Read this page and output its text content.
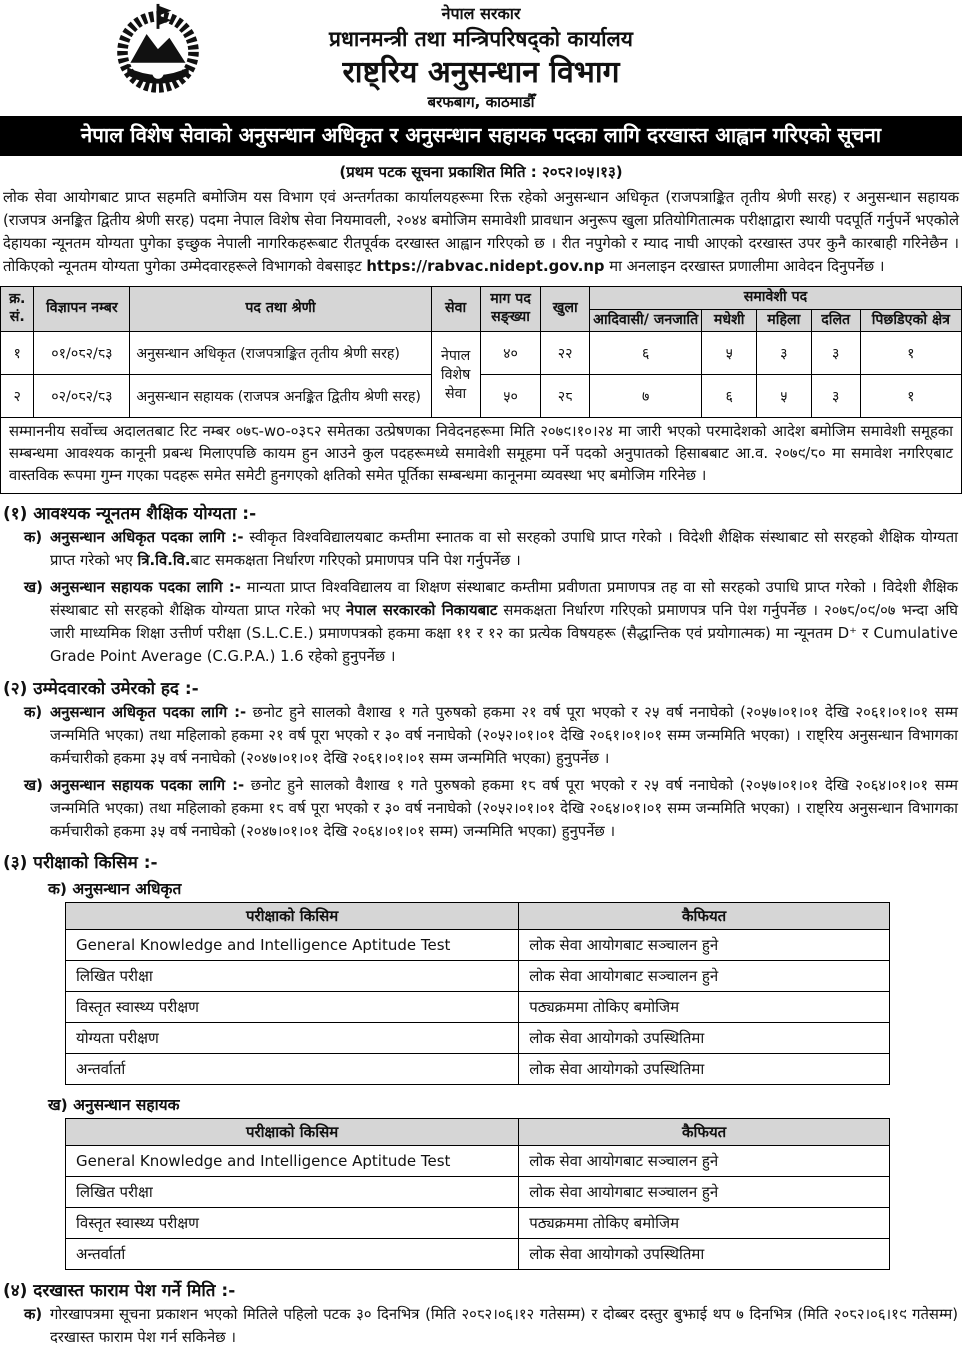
नेपाल सरकार
प्रधानमन्त्री तथा मन्त्रिपरिषद्को कार्यालय
राष्ट्रिय अनुसन्धान विभाग
बरफबाग, काठमाडौँ
नेपाल विशेष सेवाको अनुसन्धान अधिकृत र अनुसन्धान सहायक पदका लागि दरखास्त आह्वान गरिएको सूचना
(प्रथम पटक सूचना प्रकाशित मिति : २०८२।०५।१३)

लोक सेवा आयोगबाट प्राप्त सहमति बमोजिम यस विभाग एवं अन्तर्गतका कार्यालयहरूमा रिक्त रहेको अनुसन्धान अधिकृत (राजपत्राङ्कित तृतीय श्रेणी सरह) र अनुसन्धान सहायक (राजपत्र अनङ्कित द्वितीय श्रेणी सरह) पदमा नेपाल विशेष सेवा नियमावली, २०४४ बमोजिम समावेशी प्रावधान अनुरूप खुला प्रतियोगितात्मक परीक्षाद्वारा स्थायी पदपूर्ति गर्नुपर्ने भएकोले देहायका न्यूनतम योग्यता पुगेका इच्छुक नेपाली नागरिकहरूबाट रीतपूर्वक दरखास्त आह्वान गरिएको छ । रीत नपुगेको र म्याद नाघी आएको दरखास्त उपर कुनै कारबाही गरिनेछैन । तोकिएको न्यूनतम योग्यता पुगेका उम्मेदवारहरूले विभागको वेबसाइट https://rabvac.nidept.gov.np मा अनलाइन दरखास्त प्रणालीमा आवेदन दिनुपर्नेछ ।

क्र. सं.	विज्ञापन नम्बर	पद तथा श्रेणी	सेवा	माग पद सङ्ख्या	खुला	समावेशी पद				
						आदिवासी/ जनजाति	मधेशी	महिला	दलित	पिछडिएको क्षेत्र
१	०१/०८२/८३	अनुसन्धान अधिकृत (राजपत्राङ्कित तृतीय श्रेणी सरह)	नेपाल विशेष सेवा	४०	२२	६	५	३	३	१
२	०२/०८२/८३	अनुसन्धान सहायक (राजपत्र अनङ्कित द्वितीय श्रेणी सरह)		५०	२८	७	६	५	३	१
सम्माननीय सर्वोच्च अदालतबाट रिट नम्बर ०७८-wo-०३८२ समेतका उत्प्रेषणका निवेदनहरूमा मिति २०७९।१०।२४ मा जारी भएको परमादेशको आदेश बमोजिम समावेशी समूहका सम्बन्धमा आवश्यक कानूनी प्रबन्ध मिलाएपछि कायम हुन आउने कुल पदहरूमध्ये समावेशी समूहमा पर्ने पदको अनुपातको हिसाबबाट आ.व. २०७९/८० मा समावेश नगरिएबाट वास्तविक रूपमा गुम्न गएका पदहरू समेत समेटी हुनगएको क्षतिको समेत पूर्तिका सम्बन्धमा कानूनमा व्यवस्था भए बमोजिम गरिनेछ ।
(१) आवश्यक न्यूनतम शैक्षिक योग्यता :-
क) अनुसन्धान अधिकृत पदका लागि :- स्वीकृत विश्वविद्यालयबाट कम्तीमा स्नातक वा सो सरहको उपाधि प्राप्त गरेको । विदेशी शैक्षिक संस्थाबाट सो सरहको शैक्षिक योग्यता प्राप्त गरेको भए त्रि.वि.वि.बाट समकक्षता निर्धारण गरिएको प्रमाणपत्र पनि पेश गर्नुपर्नेछ ।
ख) अनुसन्धान सहायक पदका लागि :- मान्यता प्राप्त विश्वविद्यालय वा शिक्षण संस्थाबाट कम्तीमा प्रवीणता प्रमाणपत्र तह वा सो सरहको उपाधि प्राप्त गरेको । विदेशी शैक्षिक संस्थाबाट सो सरहको शैक्षिक योग्यता प्राप्त गरेको भए नेपाल सरकारको निकायबाट समकक्षता निर्धारण गरिएको प्रमाणपत्र पनि पेश गर्नुपर्नेछ । २०७८/०९/०७ भन्दा अघि जारी माध्यमिक शिक्षा उत्तीर्ण परीक्षा (S.L.C.E.) प्रमाणपत्रको हकमा कक्षा ११ र १२ का प्रत्येक विषयहरू (सैद्धान्तिक एवं प्रयोगात्मक) मा न्यूनतम D⁺ र Cumulative Grade Point Average (C.G.P.A.) 1.6 रहेको हुनुपर्नेछ ।
(२) उम्मेदवारको उमेरको हद :-
क) अनुसन्धान अधिकृत पदका लागि :- छनोट हुने सालको वैशाख १ गते पुरुषको हकमा २१ वर्ष पूरा भएको र २५ वर्ष ननाघेको (२०५७।०१।०१ देखि २०६१।०१।०१ सम्म जन्ममिति भएका) तथा महिलाको हकमा २१ वर्ष पूरा भएको र ३० वर्ष ननाघेको (२०५२।०१।०१ देखि २०६१।०१।०१ सम्म जन्ममिति भएका) । राष्ट्रिय अनुसन्धान विभागका कर्मचारीको हकमा ३५ वर्ष ननाघेको (२०४७।०१।०१ देखि २०६१।०१।०१ सम्म जन्ममिति भएका) हुनुपर्नेछ ।
ख) अनुसन्धान सहायक पदका लागि :- छनोट हुने सालको वैशाख १ गते पुरुषको हकमा १८ वर्ष पूरा भएको र २५ वर्ष ननाघेको (२०५७।०१।०१ देखि २०६४।०१।०१ सम्म जन्ममिति भएका) तथा महिलाको हकमा १८ वर्ष पूरा भएको र ३० वर्ष ननाघेको (२०५२।०१।०१ देखि २०६४।०१।०१ सम्म जन्ममिति भएका) । राष्ट्रिय अनुसन्धान विभागका कर्मचारीको हकमा ३५ वर्ष ननाघेको (२०४७।०१।०१ देखि २०६४।०१।०१ सम्म) जन्ममिति भएका) हुनुपर्नेछ ।
(३) परीक्षाको किसिम :-
क) अनुसन्धान अधिकृत
परीक्षाको किसिम	कैफियत
General Knowledge and Intelligence Aptitude Test	लोक सेवा आयोगबाट सञ्चालन हुने
लिखित परीक्षा	लोक सेवा आयोगबाट सञ्चालन हुने
विस्तृत स्वास्थ्य परीक्षण	पठ्यक्रममा तोकिए बमोजिम
योग्यता परीक्षण	लोक सेवा आयोगको उपस्थितिमा
अन्तर्वार्ता	लोक सेवा आयोगको उपस्थितिमा
ख) अनुसन्धान सहायक
परीक्षाको किसिम	कैफियत
General Knowledge and Intelligence Aptitude Test	लोक सेवा आयोगबाट सञ्चालन हुने
लिखित परीक्षा	लोक सेवा आयोगबाट सञ्चालन हुने
विस्तृत स्वास्थ्य परीक्षण	पठ्यक्रममा तोकिए बमोजिम
अन्तर्वार्ता	लोक सेवा आयोगको उपस्थितिमा
(४) दरखास्त फाराम पेश गर्ने मिति :-
क) गोरखापत्रमा सूचना प्रकाशन भएको मितिले पहिलो पटक ३० दिनभित्र (मिति २०८२।०६।१२ गतेसम्म) र दोब्बर दस्तुर बुझाई थप ७ दिनभित्र (मिति २०८२।०६।१९ गतेसम्म) दरखास्त फाराम पेश गर्न सकिनेछ ।
